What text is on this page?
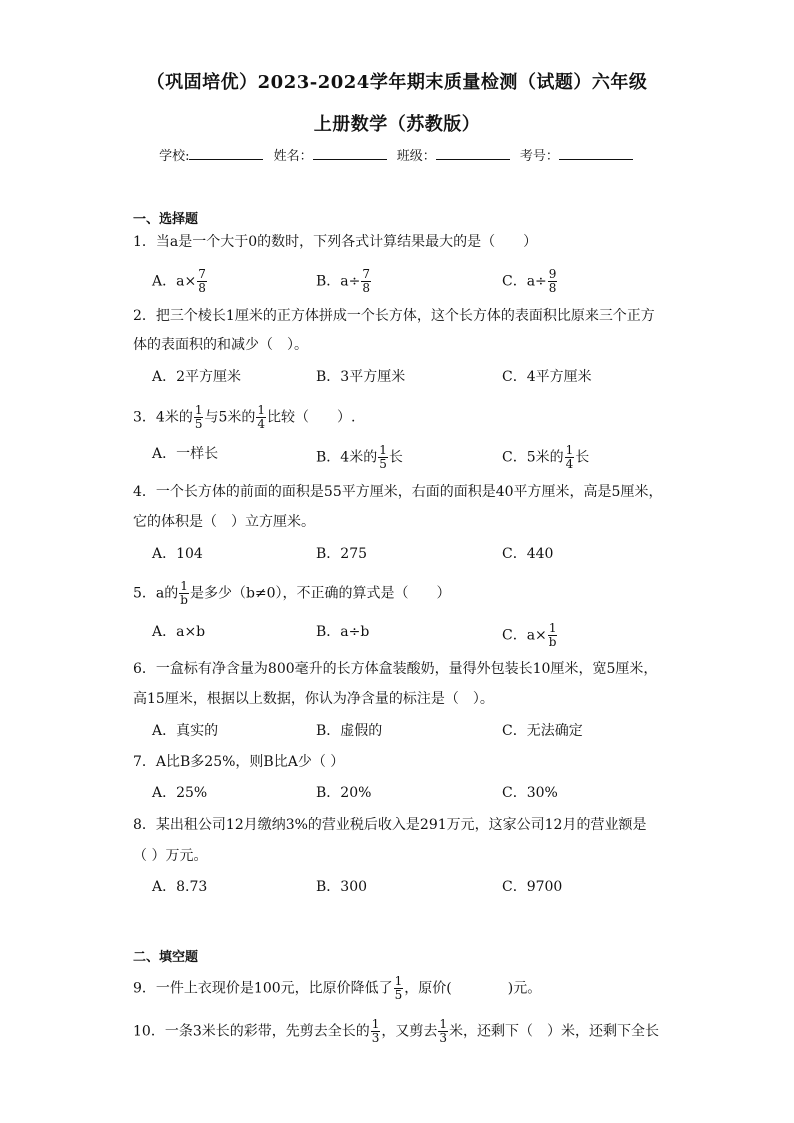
（巩固培优）2023-2024学年期末质量检测（试题）六年级
上册数学（苏教版）
学校:	姓名：	班级：	考号：
一、选择题
1．当a是一个大于0的数时，下列各式计算结果最大的是（　　）
A．$a\times \frac{7}{8}$	B．$a\div \frac{7}{8}$	C．$a\div \frac{9}{8}$
2．把三个棱长1厘米的正方体拼成一个长方体，这个长方体的表面积比原来三个正方
体的表面积的和减少（　）。
A．2平方厘米	B．3平方厘米	C．4平方厘米
3．4米的 $\frac{1}{5}$ 与5米的 $\frac{1}{4}$ 比较（　　）.
A．一样长	B．4米的 $\frac{1}{5}$ 长	C．5米的 $\frac{1}{4}$ 长
4．一个长方体的前面的面积是55平方厘米，右面的面积是40平方厘米，高是5厘米，
它的体积是（　）立方厘米。
A．104	B．275	C．440
5．a的 $\frac{1}{b}$ 是多少（b≠0），不正确的算式是（　　）
A．a×b	B．a÷b	C．$a\times \frac{1}{b}$
6．一盒标有净含量为800毫升的长方体盒装酸奶，量得外包装长10厘米，宽5厘米，
高15厘米，根据以上数据，你认为净含量的标注是（　）。
A．真实的	B．虚假的	C．无法确定
7．A比B多25%，则B比A少（ ）
A．25%	B．20%	C．30%
8．某出租公司12月缴纳3%的营业税后收入是291万元，这家公司12月的营业额是
（ ）万元。
A．8.73	B．300	C．9700
二、填空题
9．一件上衣现价是100元，比原价降低了 $\frac{1}{5}$ ，原价(　　　　)元。
10．一条3米长的彩带，先剪去全长的 $\frac{1}{3}$ ，又剪去 $\frac{1}{3}$ 米，还剩下（　）米，还剩下全长
